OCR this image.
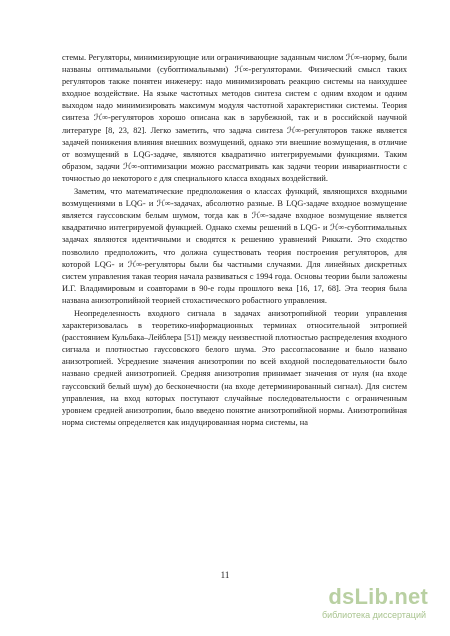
стемы. Регуляторы, минимизирующие или ограничивающие заданным числом ℋ∞-норму, были названы оптимальными (субоптимальными) ℋ∞-регуляторами. Физический смысл таких регуляторов также понятен инженеру: надо минимизировать реакцию системы на наихудшее входное воздействие. На языке частотных методов синтеза систем с одним входом и одним выходом надо минимизировать максимум модуля частотной характеристики системы. Теория синтеза ℋ∞-регуляторов хорошо описана как в зарубежной, так и в российской научной литературе [8, 23, 82]. Легко заметить, что задача синтеза ℋ∞-регуляторов также является задачей понижения влияния внешних возмущений, однако эти внешние возмущения, в отличие от возмущений в LQG-задаче, являются квадратично интегрируемыми функциями. Таким образом, задачи ℋ∞-оптимизации можно рассматривать как задачи теории инвариантности с точностью до некоторого ε для специального класса входных воздействий.

Заметим, что математические предположения о классах функций, являющихся входными возмущениями в LQG- и ℋ∞-задачах, абсолютно разные. В LQG-задаче входное возмущение является гауссовским белым шумом, тогда как в ℋ∞-задаче входное возмущение является квадратично интегрируемой функцией. Однако схемы решений в LQG- и ℋ∞-субоптимальных задачах являются идентичными и сводятся к решению уравнений Риккати. Это сходство позволило предположить, что должна существовать теория построения регуляторов, для которой LQG- и ℋ∞-регуляторы были бы частными случаями. Для линейных дискретных систем управления такая теория начала развиваться с 1994 года. Основы теории были заложены И.Г. Владимировым и соавторами в 90-е годы прошлого века [16, 17, 68]. Эта теория была названа анизотропийной теорией стохастического робастного управления.

Неопределенность входного сигнала в задачах анизотропийной теории управления характеризовалась в теоретико-информационных терминах относительной энтропией (расстоянием Кульбака–Лейблера [51]) между неизвестной плотностью распределения входного сигнала и плотностью гауссовского белого шума. Это рассогласование и было названо анизотропией. Усреднение значения анизотропии по всей входной последовательности было названо средней анизотропией. Средняя анизотропия принимает значения от нуля (на входе гауссовский белый шум) до бесконечности (на входе детерминированный сигнал). Для систем управления, на вход которых поступают случайные последовательности с ограниченным уровнем средней анизотропии, было введено понятие анизотропийной нормы. Анизотропийная норма системы определяется как индуцированная норма системы, на

11
dsLib.net
библиотека диссертаций
